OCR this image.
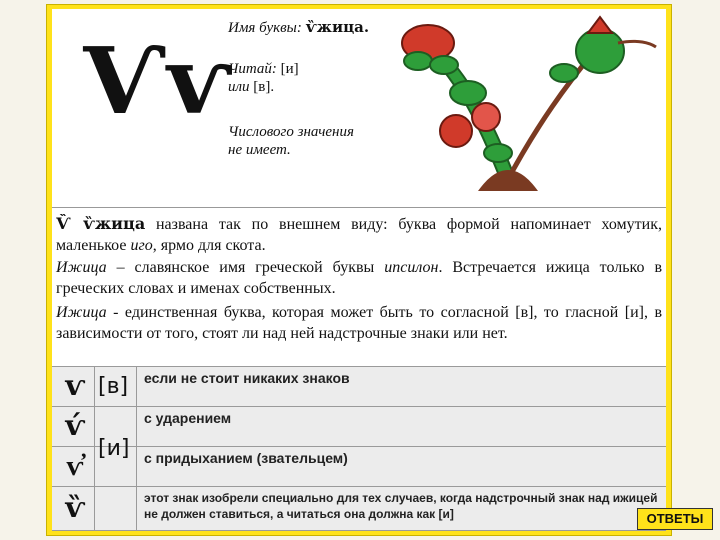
Ѵѵ
Имя буквы: ѷжица.
Читай: [и]
или [в].
Числового значения
не имеет.
Ѷ ѷжица названа так по внешнем виду: буква формой напоминает хомутик, маленькое иго, ярмо для скота.
Ижица – славянское имя греческой буквы ипсилон. Встречается ижица только в греческих словах и именах собственных.
Ижица - единственная буква, которая может быть то согласной [в], то гласной [и], в зависимости от того, стоят ли над ней надстрочные знаки или нет.
ѵ
ѵ́
ѵ҆
ѷ
[в]
[и]
если не стоит никаких знаков
с ударением
с придыханием (звательцем)
этот знак изобрели специально для тех случаев, когда надстрочный знак над ижицей не должен ставиться, а читаться она должна как [и]	ОТВЕТЫ
